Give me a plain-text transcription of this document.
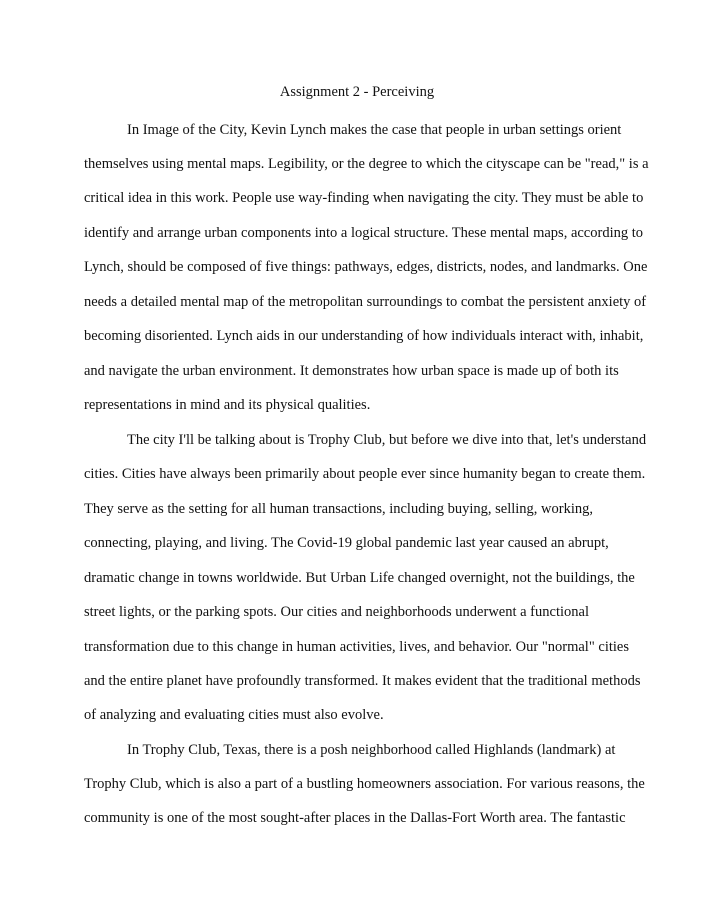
Assignment 2 - Perceiving
In Image of the City, Kevin Lynch makes the case that people in urban settings orient
themselves using mental maps. Legibility, or the degree to which the cityscape can be "read," is a
critical idea in this work. People use way-finding when navigating the city. They must be able to
identify and arrange urban components into a logical structure. These mental maps, according to
Lynch, should be composed of five things: pathways, edges, districts, nodes, and landmarks. One
needs a detailed mental map of the metropolitan surroundings to combat the persistent anxiety of
becoming disoriented. Lynch aids in our understanding of how individuals interact with, inhabit,
and navigate the urban environment. It demonstrates how urban space is made up of both its
representations in mind and its physical qualities.
The city I'll be talking about is Trophy Club, but before we dive into that, let's understand
cities. Cities have always been primarily about people ever since humanity began to create them.
They serve as the setting for all human transactions, including buying, selling, working,
connecting, playing, and living. The Covid-19 global pandemic last year caused an abrupt,
dramatic change in towns worldwide. But Urban Life changed overnight, not the buildings, the
street lights, or the parking spots. Our cities and neighborhoods underwent a functional
transformation due to this change in human activities, lives, and behavior. Our "normal" cities
and the entire planet have profoundly transformed. It makes evident that the traditional methods
of analyzing and evaluating cities must also evolve.
In Trophy Club, Texas, there is a posh neighborhood called Highlands (landmark) at
Trophy Club, which is also a part of a bustling homeowners association. For various reasons, the
community is one of the most sought-after places in the Dallas-Fort Worth area. The fantastic
